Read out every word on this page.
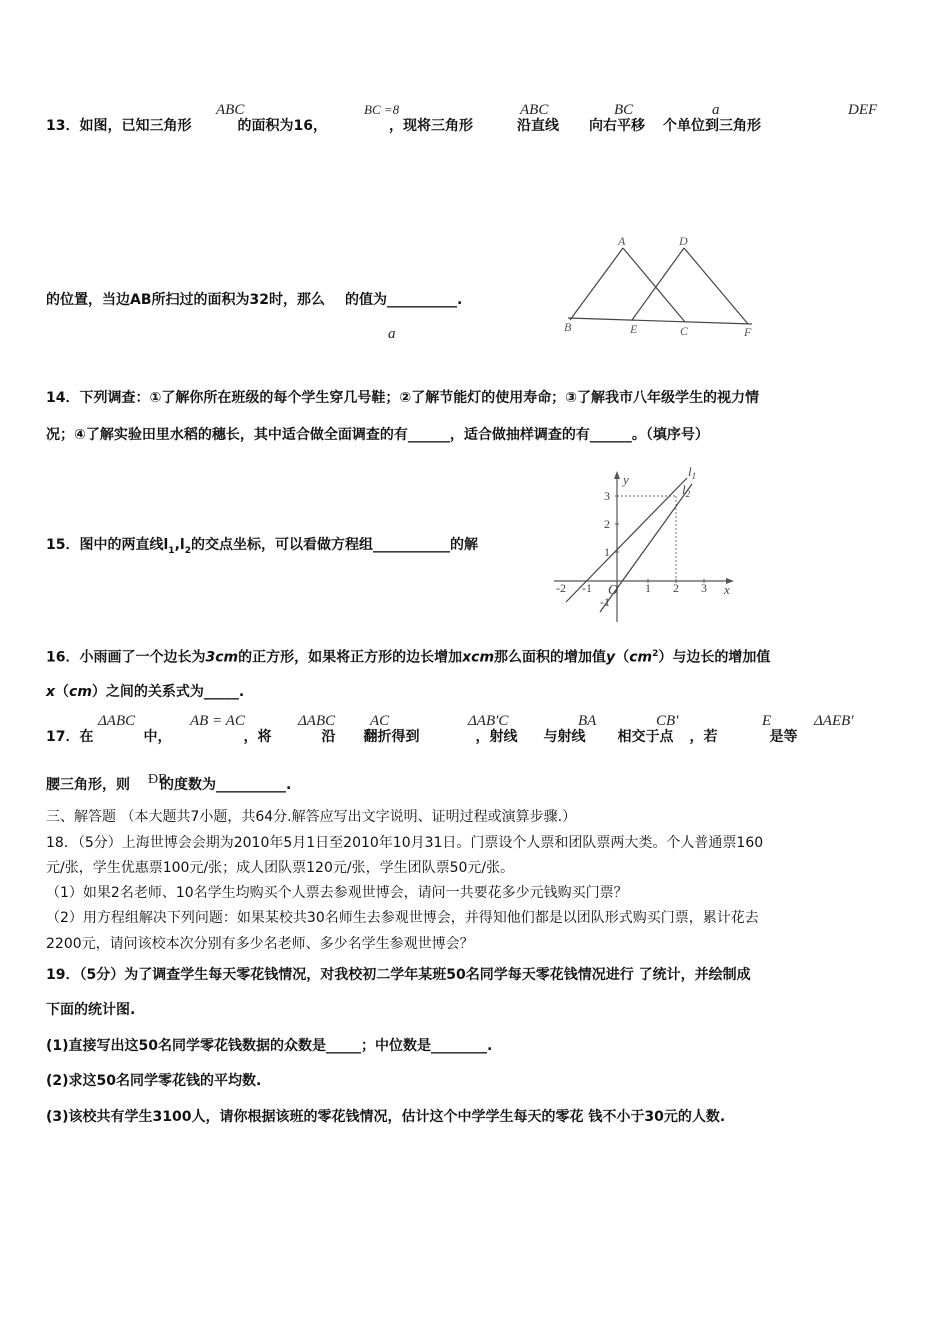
13．如图，已知三角形	的面积为16，	，现将三角形	沿直线 向右平移 个单位到三角形
ABC	BC =8	ABC	BC	a	DEF
的位置，当边AB所扫过的面积为32时，那么 的值为__________.
a
A	D
B	E	C	F
14．下列调查：①了解你所在班级的每个学生穿几号鞋；②了解节能灯的使用寿命；③了解我市八年级学生的视力情
况；④了解实验田里水稻的穗长，其中适合做全面调查的有______，适合做抽样调查的有______。（填序号）
15．图中的两直线$l_1,l_2$的交点坐标，可以看做方程组___________的解
$l_1$
$l_2$
y
x
O
-2 -1	1 2 3
3
2
1
-1
16．小雨画了一个边长为3cm的正方形，如果将正方形的边长增加xcm那么面积的增加值$y(cm^2)$与边长的增加值
x（cm）之间的关系式为_____.
17．在	中，	，将	沿 翻折得到	，射线 与射线 相交于点 ，若	是等
ΔABC	AB = AC	ΔABC AC	ΔAB′C	BA	CB′	E	ΔAEB′
腰三角形，则 的度数为__________.
ÐB
三、解答题 （本大题共7小题，共64分.解答应写出文字说明、证明过程或演算步骤.）
18．（5分）上海世博会会期为2010年5月1日至2010年10月31日。门票设个人票和团队票两大类。个人普通票160
元/张，学生优惠票100元/张；成人团队票120元/张，学生团队票50元/张。
（1）如果2名老师、10名学生均购买个人票去参观世博会，请问一共要花多少元钱购买门票？
（2）用方程组解决下列问题：如果某校共30名师生去参观世博会，并得知他们都是以团队形式购买门票，累计花去
2200元，请问该校本次分别有多少名老师、多少名学生参观世博会？
19．（5分）为了调查学生每天零花钱情况，对我校初二学年某班50名同学每天零花钱情况进行 了统计，并绘制成
下面的统计图.
(1)直接写出这50名同学零花钱数据的众数是_____；中位数是________.
(2)求这50名同学零花钱的平均数.
(3)该校共有学生3100人，请你根据该班的零花钱情况，估计这个中学学生每天的零花 钱不小于30元的人数.
